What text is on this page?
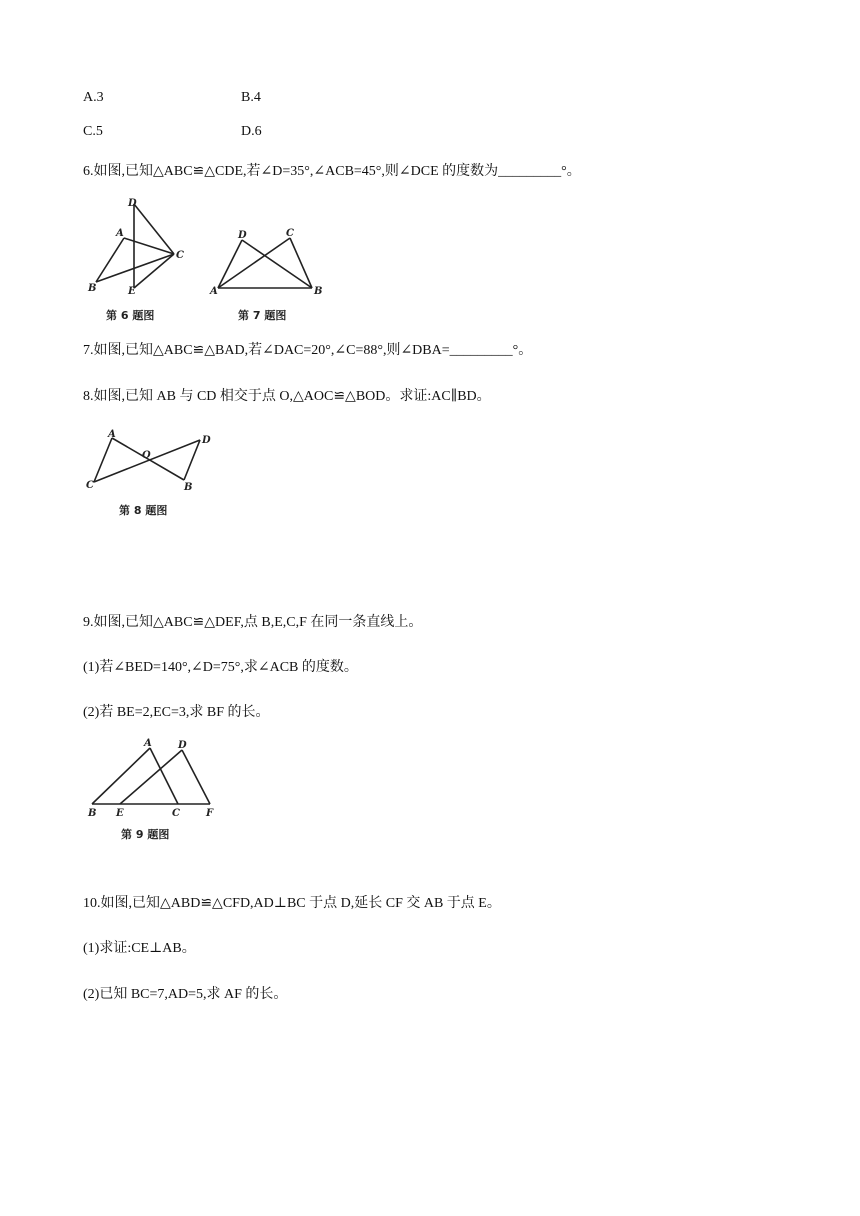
A.3	B.4
C.5	D.6
6.如图,已知△ABC≌△CDE,若∠D=35°,∠ACB=45°,则∠DCE 的度数为_________°。
D
A
C
B	E
第 6 题图
D	C
A	B
第 7 题图
7.如图,已知△ABC≌△BAD,若∠DAC=20°,∠C=88°,则∠DBA=_________°。
8.如图,已知 AB 与 CD 相交于点 O,△AOC≌△BOD。求证:AC∥BD。
A
O
D
C	B
第 8 题图
9.如图,已知△ABC≌△DEF,点 B,E,C,F 在同一条直线上。
(1)若∠BED=140°,∠D=75°,求∠ACB 的度数。
(2)若 BE=2,EC=3,求 BF 的长。
A	D
B E	C	F
第 9 题图
10.如图,已知△ABD≌△CFD,AD⊥BC 于点 D,延长 CF 交 AB 于点 E。
(1)求证:CE⊥AB。
(2)已知 BC=7,AD=5,求 AF 的长。
